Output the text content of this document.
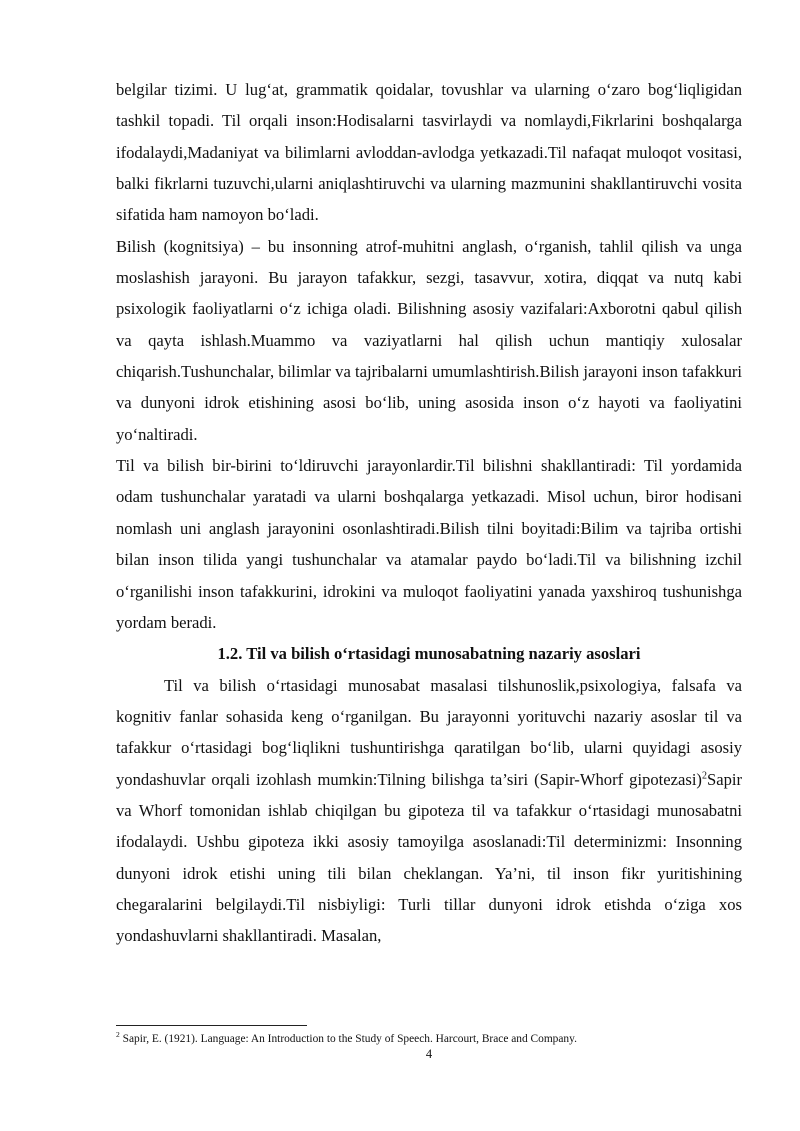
belgilar tizimi. U lug‘at, grammatik qoidalar, tovushlar va ularning o‘zaro bog‘liqligidan tashkil topadi. Til orqali inson:Hodisalarni tasvirlaydi va nomlaydi,Fikrlarini boshqalarga ifodalaydi,Madaniyat va bilimlarni avloddan-avlodga yetkazadi.Til nafaqat muloqot vositasi, balki fikrlarni tuzuvchi,ularni aniqlashtiruvchi va ularning mazmunini shakllantiruvchi vosita sifatida ham namoyon bo‘ladi.

Bilish (kognitsiya) – bu insonning atrof-muhitni anglash, o‘rganish, tahlil qilish va unga moslashish jarayoni. Bu jarayon tafakkur, sezgi, tasavvur, xotira, diqqat va nutq kabi psixologik faoliyatlarni o‘z ichiga oladi. Bilishning asosiy vazifalari:Axborotni qabul qilish va qayta ishlash.Muammo va vaziyatlarni hal qilish uchun mantiqiy xulosalar chiqarish.Tushunchalar, bilimlar va tajribalarni umumlashtirish.Bilish jarayoni inson tafakkuri va dunyoni idrok etishining asosi bo‘lib, uning asosida inson o‘z hayoti va faoliyatini yo‘naltiradi.

Til va bilish bir-birini to‘ldiruvchi jarayonlardir.Til bilishni shakllantiradi: Til yordamida odam tushunchalar yaratadi va ularni boshqalarga yetkazadi. Misol uchun, biror hodisani nomlash uni anglash jarayonini osonlashtiradi.Bilish tilni boyitadi:Bilim va tajriba ortishi bilan inson tilida yangi tushunchalar va atamalar paydo bo‘ladi.Til va bilishning izchil o‘rganilishi inson tafakkurini, idrokini va muloqot faoliyatini yanada yaxshiroq tushunishga yordam beradi.

1.2. Til va bilish o‘rtasidagi munosabatning nazariy asoslari

Til va bilish o‘rtasidagi munosabat masalasi tilshunoslik,psixologiya, falsafa va kognitiv fanlar sohasida keng o‘rganilgan. Bu jarayonni yorituvchi nazariy asoslar til va tafakkur o‘rtasidagi bog‘liqlikni tushuntirishga qaratilgan bo‘lib, ularni quyidagi asosiy yondashuvlar orqali izohlash mumkin:Tilning bilishga ta’siri (Sapir-Whorf gipotezasi)$^2$Sapir va Whorf tomonidan ishlab chiqilgan bu gipoteza til va tafakkur o‘rtasidagi munosabatni ifodalaydi. Ushbu gipoteza ikki asosiy tamoyilga asoslanadi:Til determinizmi: Insonning dunyoni idrok etishi uning tili bilan cheklangan. Ya’ni, til inson fikr yuritishining chegaralarini belgilaydi.Til nisbiyligi: Turli tillar dunyoni idrok etishda o‘ziga xos yondashuvlarni shakllantiradi. Masalan,

$^2$ Sapir, E. (1921). Language: An Introduction to the Study of Speech. Harcourt, Brace and Company.

4
